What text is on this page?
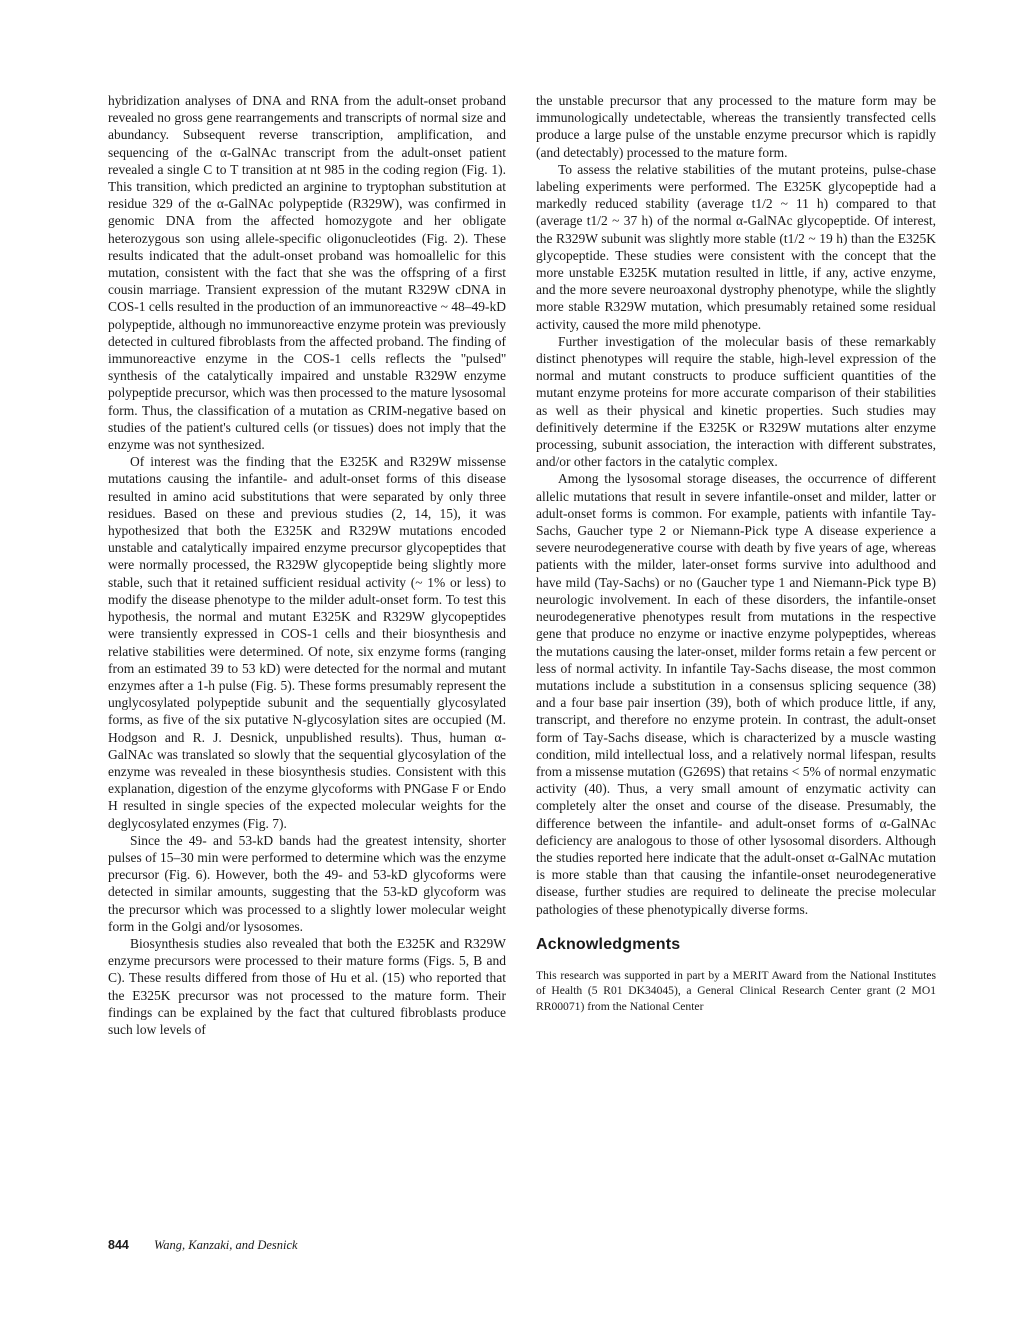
hybridization analyses of DNA and RNA from the adult-onset proband revealed no gross gene rearrangements and transcripts of normal size and abundancy. Subsequent reverse transcription, amplification, and sequencing of the α-GalNAc transcript from the adult-onset patient revealed a single C to T transition at nt 985 in the coding region (Fig. 1). This transition, which predicted an arginine to tryptophan substitution at residue 329 of the α-GalNAc polypeptide (R329W), was confirmed in genomic DNA from the affected homozygote and her obligate heterozygous son using allele-specific oligonucleotides (Fig. 2). These results indicated that the adult-onset proband was homoallelic for this mutation, consistent with the fact that she was the offspring of a first cousin marriage. Transient expression of the mutant R329W cDNA in COS-1 cells resulted in the production of an immunoreactive ~ 48–49-kD polypeptide, although no immunoreactive enzyme protein was previously detected in cultured fibroblasts from the affected proband. The finding of immunoreactive enzyme in the COS-1 cells reflects the ''pulsed'' synthesis of the catalytically impaired and unstable R329W enzyme polypeptide precursor, which was then processed to the mature lysosomal form. Thus, the classification of a mutation as CRIM-negative based on studies of the patient's cultured cells (or tissues) does not imply that the enzyme was not synthesized.

Of interest was the finding that the E325K and R329W missense mutations causing the infantile- and adult-onset forms of this disease resulted in amino acid substitutions that were separated by only three residues. Based on these and previous studies (2, 14, 15), it was hypothesized that both the E325K and R329W mutations encoded unstable and catalytically impaired enzyme precursor glycopeptides that were normally processed, the R329W glycopeptide being slightly more stable, such that it retained sufficient residual activity (~ 1% or less) to modify the disease phenotype to the milder adult-onset form. To test this hypothesis, the normal and mutant E325K and R329W glycopeptides were transiently expressed in COS-1 cells and their biosynthesis and relative stabilities were determined. Of note, six enzyme forms (ranging from an estimated 39 to 53 kD) were detected for the normal and mutant enzymes after a 1-h pulse (Fig. 5). These forms presumably represent the unglycosylated polypeptide subunit and the sequentially glycosylated forms, as five of the six putative N-glycosylation sites are occupied (M. Hodgson and R. J. Desnick, unpublished results). Thus, human α-GalNAc was translated so slowly that the sequential glycosylation of the enzyme was revealed in these biosynthesis studies. Consistent with this explanation, digestion of the enzyme glycoforms with PNGase F or Endo H resulted in single species of the expected molecular weights for the deglycosylated enzymes (Fig. 7).

Since the 49- and 53-kD bands had the greatest intensity, shorter pulses of 15–30 min were performed to determine which was the enzyme precursor (Fig. 6). However, both the 49- and 53-kD glycoforms were detected in similar amounts, suggesting that the 53-kD glycoform was the precursor which was processed to a slightly lower molecular weight form in the Golgi and/or lysosomes.

Biosynthesis studies also revealed that both the E325K and R329W enzyme precursors were processed to their mature forms (Figs. 5, B and C). These results differed from those of Hu et al. (15) who reported that the E325K precursor was not processed to the mature form. Their findings can be explained by the fact that cultured fibroblasts produce such low levels of

the unstable precursor that any processed to the mature form may be immunologically undetectable, whereas the transiently transfected cells produce a large pulse of the unstable enzyme precursor which is rapidly (and detectably) processed to the mature form.

To assess the relative stabilities of the mutant proteins, pulse-chase labeling experiments were performed. The E325K glycopeptide had a markedly reduced stability (average t1/2 ~ 11 h) compared to that (average t1/2 ~ 37 h) of the normal α-GalNAc glycopeptide. Of interest, the R329W subunit was slightly more stable (t1/2 ~ 19 h) than the E325K glycopeptide. These studies were consistent with the concept that the more unstable E325K mutation resulted in little, if any, active enzyme, and the more severe neuroaxonal dystrophy phenotype, while the slightly more stable R329W mutation, which presumably retained some residual activity, caused the more mild phenotype.

Further investigation of the molecular basis of these remarkably distinct phenotypes will require the stable, high-level expression of the normal and mutant constructs to produce sufficient quantities of the mutant enzyme proteins for more accurate comparison of their stabilities as well as their physical and kinetic properties. Such studies may definitively determine if the E325K or R329W mutations alter enzyme processing, subunit association, the interaction with different substrates, and/or other factors in the catalytic complex.

Among the lysosomal storage diseases, the occurrence of different allelic mutations that result in severe infantile-onset and milder, latter or adult-onset forms is common. For example, patients with infantile Tay-Sachs, Gaucher type 2 or Niemann-Pick type A disease experience a severe neurodegenerative course with death by five years of age, whereas patients with the milder, later-onset forms survive into adulthood and have mild (Tay-Sachs) or no (Gaucher type 1 and Niemann-Pick type B) neurologic involvement. In each of these disorders, the infantile-onset neurodegenerative phenotypes result from mutations in the respective gene that produce no enzyme or inactive enzyme polypeptides, whereas the mutations causing the later-onset, milder forms retain a few percent or less of normal activity. In infantile Tay-Sachs disease, the most common mutations include a substitution in a consensus splicing sequence (38) and a four base pair insertion (39), both of which produce little, if any, transcript, and therefore no enzyme protein. In contrast, the adult-onset form of Tay-Sachs disease, which is characterized by a muscle wasting condition, mild intellectual loss, and a relatively normal lifespan, results from a missense mutation (G269S) that retains < 5% of normal enzymatic activity (40). Thus, a very small amount of enzymatic activity can completely alter the onset and course of the disease. Presumably, the difference between the infantile- and adult-onset forms of α-GalNAc deficiency are analogous to those of other lysosomal disorders. Although the studies reported here indicate that the adult-onset α-GalNAc mutation is more stable than that causing the infantile-onset neurodegenerative disease, further studies are required to delineate the precise molecular pathologies of these phenotypically diverse forms.

Acknowledgments

This research was supported in part by a MERIT Award from the National Institutes of Health (5 R01 DK34045), a General Clinical Research Center grant (2 MO1 RR00071) from the National Center

844 Wang, Kanzaki, and Desnick
